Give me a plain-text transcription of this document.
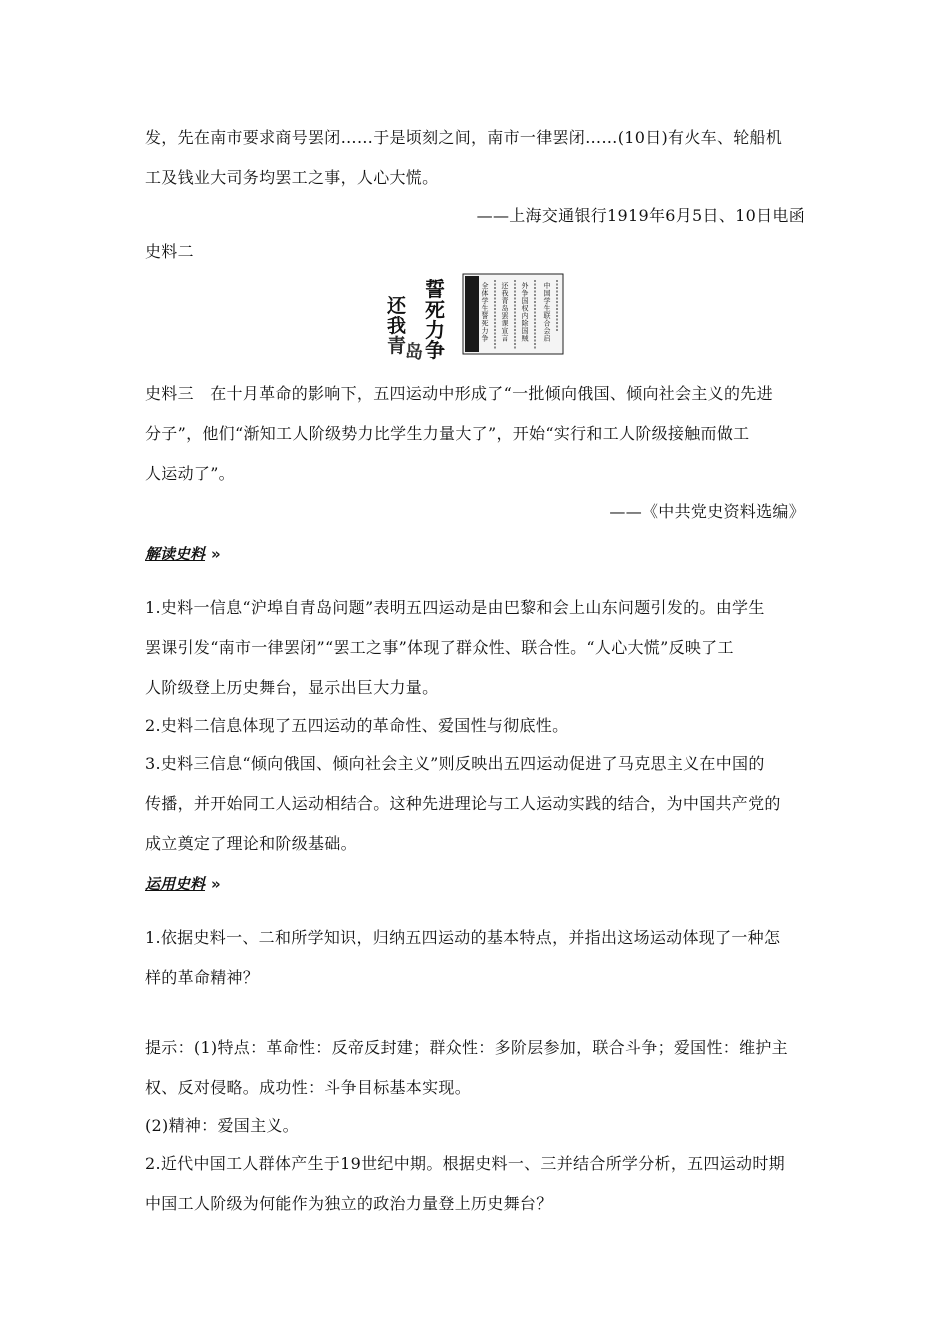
发，先在南市要求商号罢闭……于是顷刻之间，南市一律罢闭……(10日)有火车、轮船机
工及钱业大司务均罢工之事，人心大慌。
——上海交通银行1919年6月5日、10日电函
史料二
誓
死
力
争
还
我
青
岛
全体学生誓死力争 还我青岛罢课宣言 外争国权内除国贼 中国学生联合会启
史料三　在十月革命的影响下，五四运动中形成了“一批倾向俄国、倾向社会主义的先进
分子”，他们“渐知工人阶级势力比学生力量大了”，开始“实行和工人阶级接触而做工
人运动了”。
——《中共党史资料选编》
解读史料 »
1.史料一信息“沪埠自青岛问题”表明五四运动是由巴黎和会上山东问题引发的。由学生
罢课引发“南市一律罢闭”“罢工之事”体现了群众性、联合性。“人心大慌”反映了工
人阶级登上历史舞台，显示出巨大力量。
2.史料二信息体现了五四运动的革命性、爱国性与彻底性。
3.史料三信息“倾向俄国、倾向社会主义”则反映出五四运动促进了马克思主义在中国的
传播，并开始同工人运动相结合。这种先进理论与工人运动实践的结合，为中国共产党的
成立奠定了理论和阶级基础。
运用史料 »
1.依据史料一、二和所学知识，归纳五四运动的基本特点，并指出这场运动体现了一种怎
样的革命精神？
提示：(1)特点：革命性：反帝反封建；群众性：多阶层参加，联合斗争；爱国性：维护主
权、反对侵略。成功性：斗争目标基本实现。
(2)精神：爱国主义。
2.近代中国工人群体产生于19世纪中期。根据史料一、三并结合所学分析，五四运动时期
中国工人阶级为何能作为独立的政治力量登上历史舞台？
